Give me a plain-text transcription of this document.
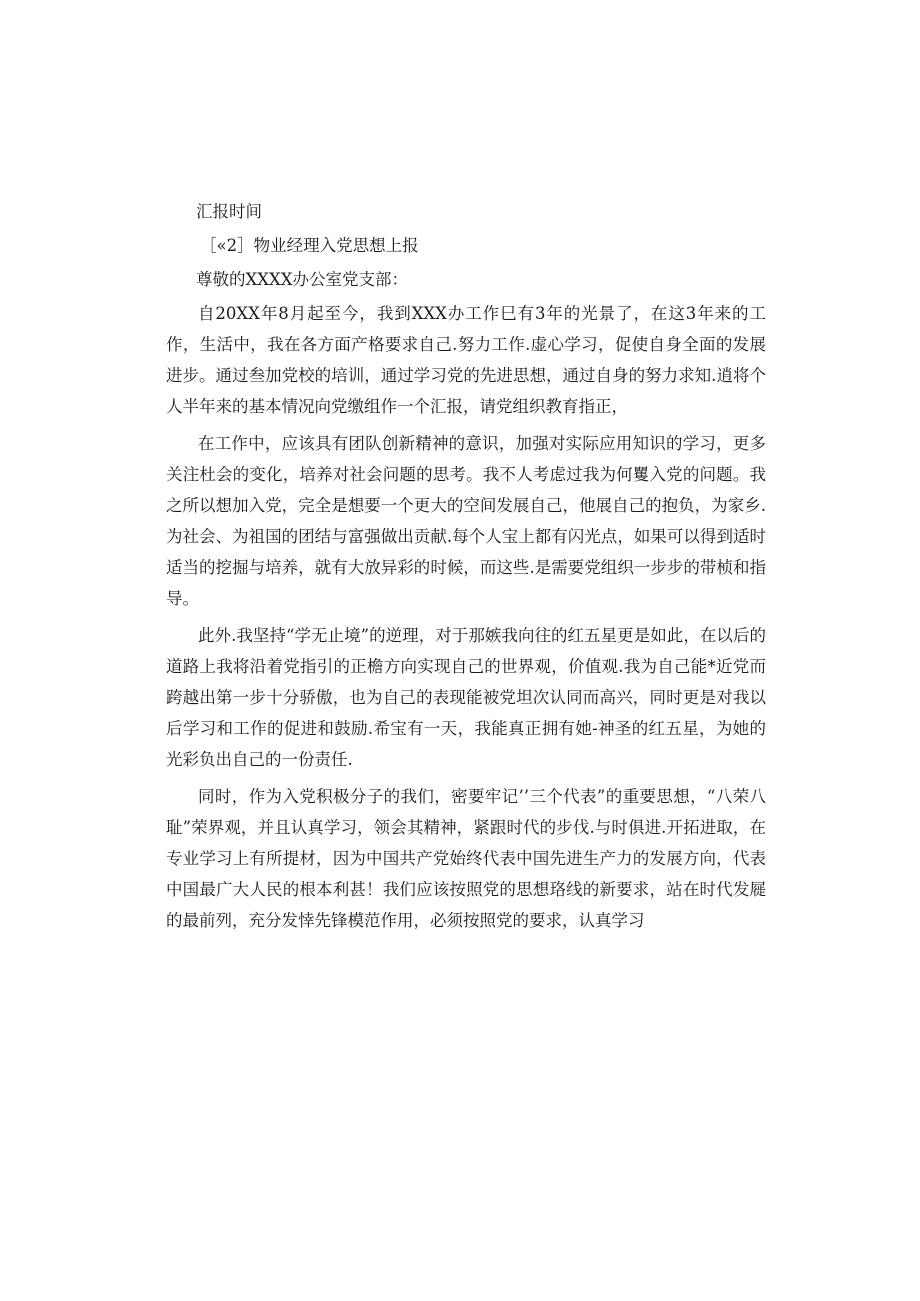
汇报时间

［«2］物业经理入党思想上报

尊敬的XXXX办公室党支部：

自20XX年8月起至今，我到XXX办工作巳有3年的光景了，在这3年来的工作，生活中，我在各方面产格要求自己.努力工作.虚心学习，促使自身全面的发展进步。通过叁加党校的培训，通过学习党的先进思想，通过自身的努力求知.逍将个人半年来的基本情况向党缴组作一个汇报，请党组织教育指正，

在工作中，应该具有团队创新精神的意识，加强对实际应用知识的学习，更多关注杜会的变化，培养对社会问题的思考。我不人考虑过我为何矍入党的问题。我之所以想加入党，完全是想要一个更大的空间发展自己，他展自己的抱负，为家乡.为社会、为祖国的团结与富强做出贡献.每个人宝上都有闪光点，如果可以得到适时适当的挖掘与培养，就有大放异彩的时候，而这些.是需要党组织一步步的带桢和指导。

此外.我坚持“学无止境”的逆理，对于那嫉我向往的红五星更是如此，在以后的道路上我将沿着党指引的正檐方向实现自己的世界观，价值观.我为自己能*近党而跨越出第一步十分骄傲，也为自己的表现能被党坦次认同而高兴，同时更是对我以后学习和工作的促进和鼓励.希宝有一天，我能真正拥有她-神圣的红五星，为她的光彩负出自己的一份责任.

同时，作为入党积极分子的我们，密要牢记’’三个代表”的重要思想，“八荣八耻”荣界观，并且认真学习，领会其精神，紧跟时代的步伐.与时俱进.开拓进取，在专业学习上有所提材，因为中国共产党始终代表中国先进生产力的发展方向，代表中国最广大人民的根本利甚！我们应该按照党的思想珞线的新要求，站在时代发屣的最前列，充分发悻先锋模范作用，必须按照党的要求，认真学习
